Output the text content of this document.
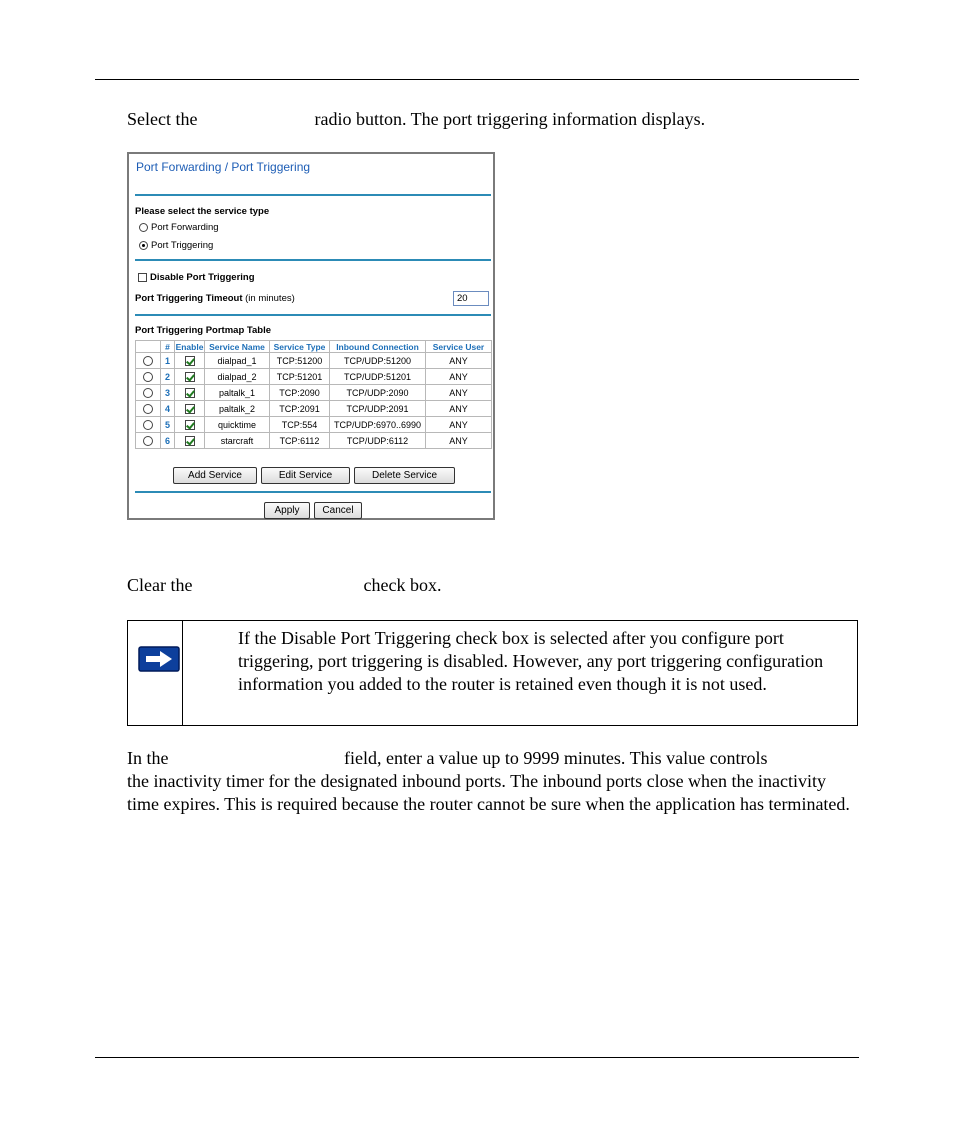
Select the                          radio button. The port triggering information displays.
Port Forwarding / Port Triggering
Please select the service type
Port Forwarding
Port Triggering
Disable Port Triggering
Port Triggering Timeout (in minutes)	20
Port Triggering Portmap Table
	#	Enable	Service Name	Service Type	Inbound Connection	Service User
	1		dialpad_1	TCP:51200	TCP/UDP:51200	ANY
	2		dialpad_2	TCP:51201	TCP/UDP:51201	ANY
	3		paltalk_1	TCP:2090	TCP/UDP:2090	ANY
	4		paltalk_2	TCP:2091	TCP/UDP:2091	ANY
	5		quicktime	TCP:554	TCP/UDP:6970..6990	ANY
	6		starcraft	TCP:6112	TCP/UDP:6112	ANY
Add Service	Edit Service	Delete Service
Apply	Cancel
Clear the                                      check box.
If the Disable Port Triggering check box is selected after you configure port triggering, port triggering is disabled. However, any port triggering configuration information you added to the router is retained even though it is not used.
In the                                       field, enter a value up to 9999 minutes. This value controls
the inactivity timer for the designated inbound ports. The inbound ports close when the inactivity time expires. This is required because the router cannot be sure when the application has terminated.
